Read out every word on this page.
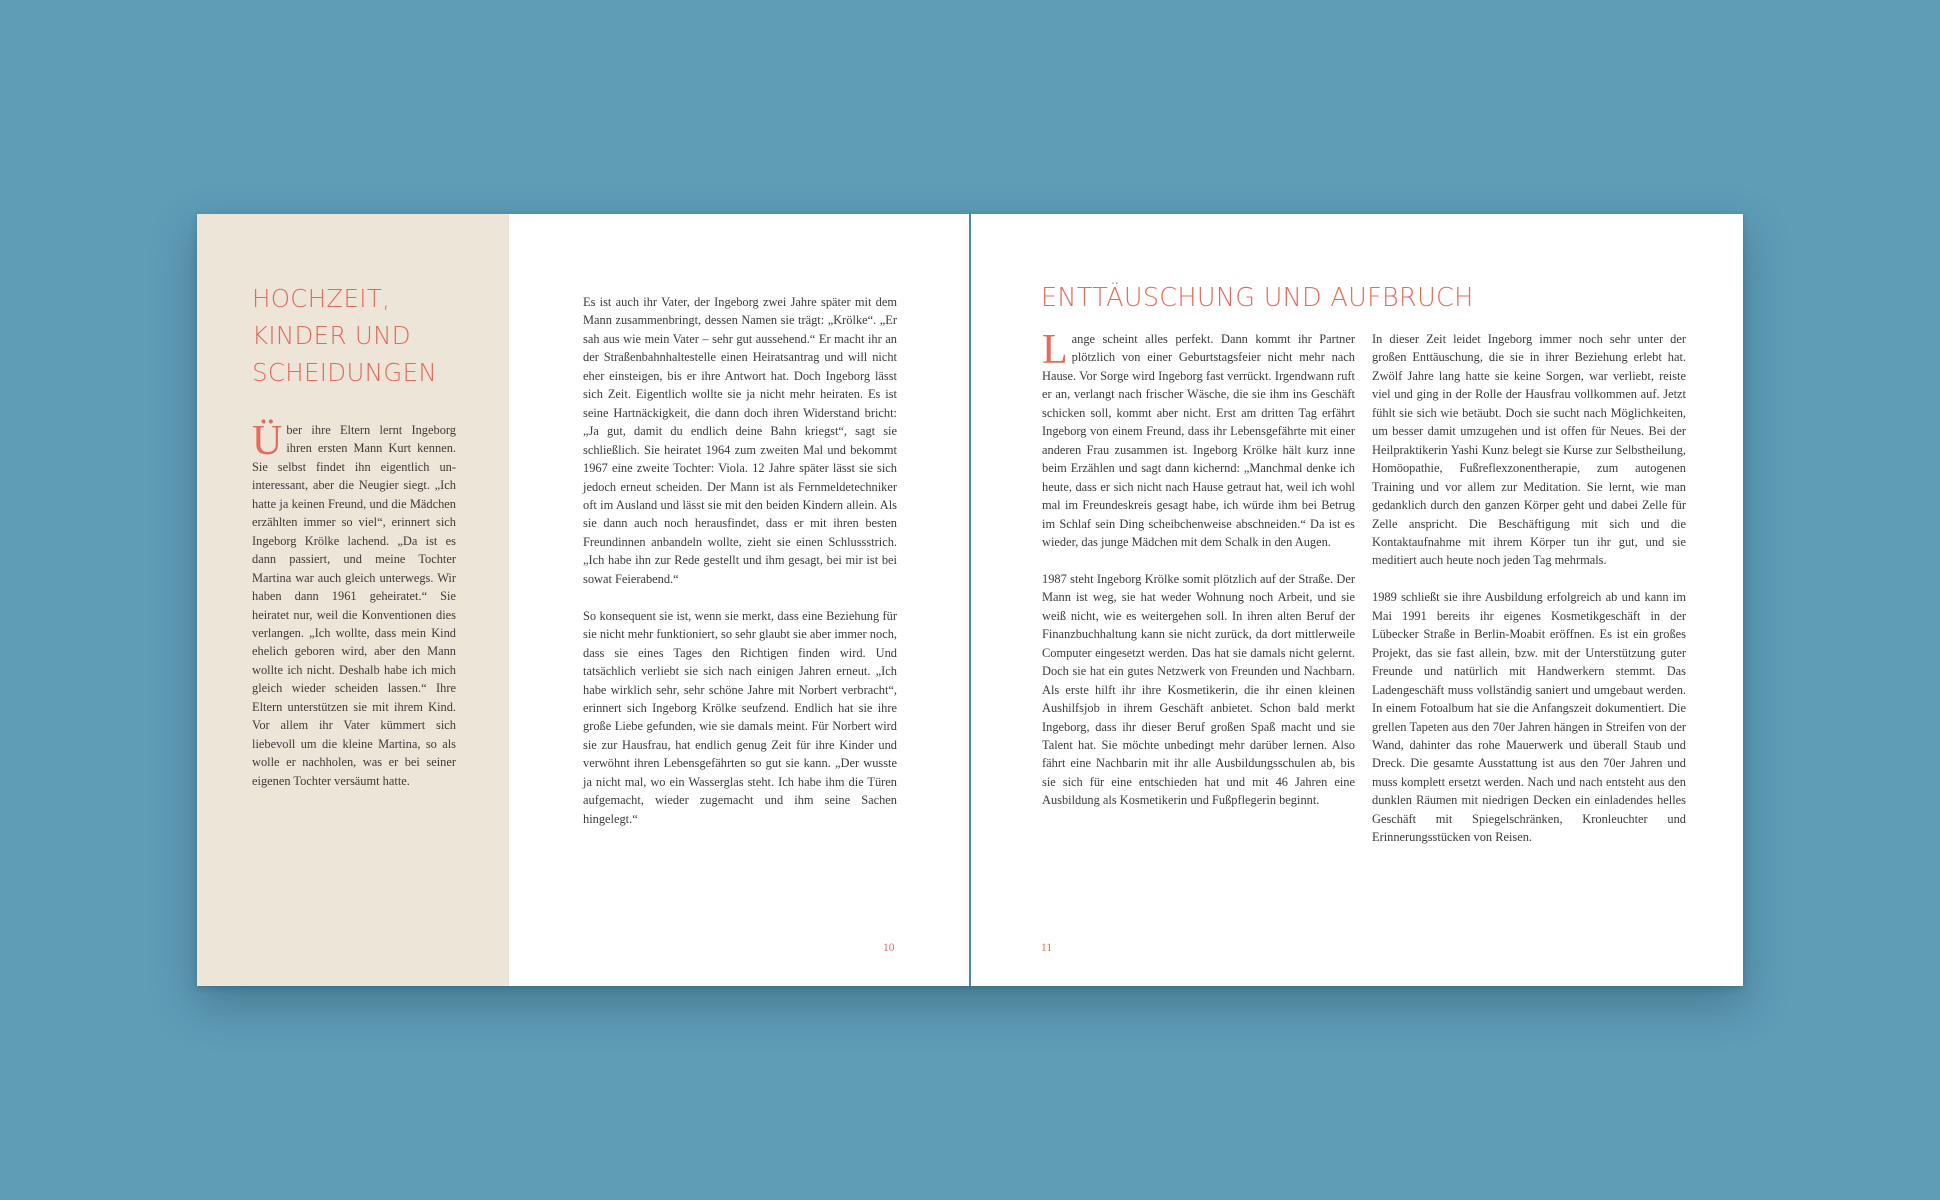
HOCHZEIT,
KINDER UND
SCHEIDUNGEN

Über ihre Eltern lernt Ingeborg ihren ersten Mann Kurt kennen. Sie selbst findet ihn eigentlich uninteressant, aber die Neugier siegt. „Ich hatte ja keinen Freund, und die Mädchen erzählten immer so viel“, erinnert sich Ingeborg Krölke lachend. „Da ist es dann passiert, und meine Tochter Martina war auch gleich unterwegs. Wir haben dann 1961 geheiratet.“ Sie heiratet nur, weil die Konventionen dies verlangen. „Ich wollte, dass mein Kind ehelich geboren wird, aber den Mann wollte ich nicht. Deshalb habe ich mich gleich wieder scheiden lassen.“ Ihre Eltern unterstützen sie mit ihrem Kind. Vor allem ihr Vater kümmert sich liebevoll um die kleine Martina, so als wolle er nachholen, was er bei seiner eigenen Tochter versäumt hatte.

Es ist auch ihr Vater, der Ingeborg zwei Jahre später mit dem Mann zusammenbringt, dessen Namen sie trägt: „Krölke“. „Er sah aus wie mein Vater – sehr gut aussehend.“ Er macht ihr an der Straßenbahnhaltestelle einen Heiratsantrag und will nicht eher einsteigen, bis er ihre Antwort hat. Doch Ingeborg lässt sich Zeit. Eigentlich wollte sie ja nicht mehr heiraten. Es ist seine Hartnäckigkeit, die dann doch ihren Widerstand bricht: „Ja gut, damit du endlich deine Bahn kriegst“, sagt sie schließlich. Sie heiratet 1964 zum zweiten Mal und bekommt 1967 eine zweite Tochter: Viola. 12 Jahre später lässt sie sich jedoch erneut scheiden. Der Mann ist als Fernmeldetechniker oft im Ausland und lässt sie mit den beiden Kindern allein. Als sie dann auch noch herausfindet, dass er mit ihren besten Freundinnen anbandeln wollte, zieht sie einen Schlussstrich. „Ich habe ihn zur Rede gestellt und ihm gesagt, bei mir ist bei sowat Feierabend.“

So konsequent sie ist, wenn sie merkt, dass eine Beziehung für sie nicht mehr funktioniert, so sehr glaubt sie aber immer noch, dass sie eines Tages den Richtigen finden wird. Und tatsächlich verliebt sie sich nach einigen Jahren erneut. „Ich habe wirklich sehr, sehr schöne Jahre mit Norbert verbracht“, erinnert sich Ingeborg Krölke seufzend. Endlich hat sie ihre große Liebe gefunden, wie sie damals meint. Für Norbert wird sie zur Hausfrau, hat endlich genug Zeit für ihre Kinder und verwöhnt ihren Lebensgefährten so gut sie kann. „Der wusste ja nicht mal, wo ein Wasserglas steht. Ich habe ihm die Türen aufgemacht, wieder zugemacht und ihm seine Sachen hingelegt.“

10
ENTTÄUSCHUNG UND AUFBRUCH

Lange scheint alles perfekt. Dann kommt ihr Partner plötzlich von einer Geburtstagsfeier nicht mehr nach Hause. Vor Sorge wird Ingeborg fast verrückt. Irgendwann ruft er an, verlangt nach frischer Wäsche, die sie ihm ins Geschäft schicken soll, kommt aber nicht. Erst am dritten Tag erfährt Ingeborg von einem Freund, dass ihr Lebensgefährte mit einer anderen Frau zusammen ist. Ingeborg Krölke hält kurz inne beim Erzählen und sagt dann kichernd: „Manchmal denke ich heute, dass er sich nicht nach Hause getraut hat, weil ich wohl mal im Freundeskreis gesagt habe, ich würde ihm bei Betrug im Schlaf sein Ding scheibchenweise abschneiden.“ Da ist es wieder, das junge Mädchen mit dem Schalk in den Augen.

1987 steht Ingeborg Krölke somit plötzlich auf der Straße. Der Mann ist weg, sie hat weder Wohnung noch Arbeit, und sie weiß nicht, wie es weitergehen soll. In ihren alten Beruf der Finanzbuchhaltung kann sie nicht zurück, da dort mittlerweile Computer eingesetzt werden. Das hat sie damals nicht gelernt. Doch sie hat ein gutes Netzwerk von Freunden und Nachbarn. Als erste hilft ihr ihre Kosmetikerin, die ihr einen kleinen Aushilfsjob in ihrem Geschäft anbietet. Schon bald merkt Ingeborg, dass ihr dieser Beruf großen Spaß macht und sie Talent hat. Sie möchte unbedingt mehr darüber lernen. Also fährt eine Nachbarin mit ihr alle Ausbildungsschulen ab, bis sie sich für eine entschieden hat und mit 46 Jahren eine Ausbildung als Kosmetikerin und Fußpflegerin beginnt.

In dieser Zeit leidet Ingeborg immer noch sehr unter der großen Enttäuschung, die sie in ihrer Beziehung erlebt hat. Zwölf Jahre lang hatte sie keine Sorgen, war verliebt, reiste viel und ging in der Rolle der Hausfrau vollkommen auf. Jetzt fühlt sie sich wie betäubt. Doch sie sucht nach Möglichkeiten, um besser damit umzugehen und ist offen für Neues. Bei der Heilpraktikerin Yashi Kunz belegt sie Kurse zur Selbstheilung, Homöopathie, Fußreflexzonentherapie, zum autogenen Training und vor allem zur Meditation. Sie lernt, wie man gedanklich durch den ganzen Körper geht und dabei Zelle für Zelle anspricht. Die Beschäftigung mit sich und die Kontaktaufnahme mit ihrem Körper tun ihr gut, und sie meditiert auch heute noch jeden Tag mehrmals.

1989 schließt sie ihre Ausbildung erfolgreich ab und kann im Mai 1991 bereits ihr eigenes Kosmetikgeschäft in der Lübecker Straße in Berlin-Moabit eröffnen. Es ist ein großes Projekt, das sie fast allein, bzw. mit der Unterstützung guter Freunde und natürlich mit Handwerkern stemmt. Das Ladengeschäft muss vollständig saniert und umgebaut werden. In einem Fotoalbum hat sie die Anfangszeit dokumentiert. Die grellen Tapeten aus den 70er Jahren hängen in Streifen von der Wand, dahinter das rohe Mauerwerk und überall Staub und Dreck. Die gesamte Ausstattung ist aus den 70er Jahren und muss komplett ersetzt werden. Nach und nach entsteht aus den dunklen Räumen mit niedrigen Decken ein einladendes helles Geschäft mit Spiegelschränken, Kronleuchter und Erinnerungsstücken von Reisen.

11
